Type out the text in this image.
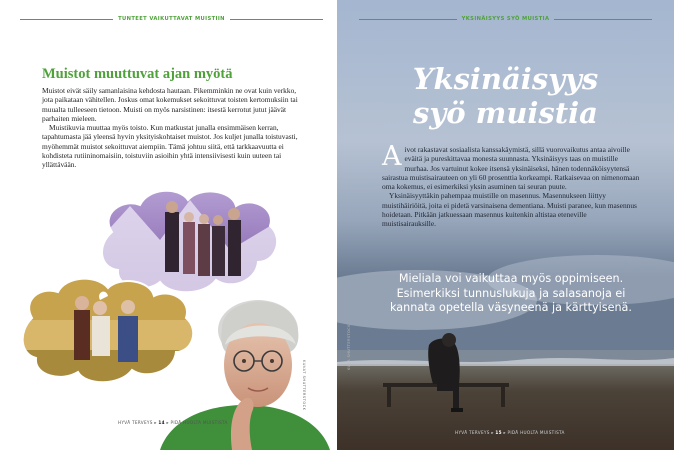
TUNTEET VAIKUTTAVAT MUISTIIN
Muistot muuttuvat ajan myötä

Muistot eivät säily samanlaisina kehdosta hautaan. Pikemminkin ne ovat kuin verkko, jota paikataan vähitellen. Joskus omat kokemukset sekoittuvat toisten kertomuksiin tai muualta tulleeseen tietoon. Muisti on myös narsistinen: itsestä kerrotut jutut jäävät parhaiten mieleen.

Muistikuvia muuttaa myös toisto. Kun matkustat junalla ensimmäisen kerran, tapahtumasta jää yleensä hyvin yksityiskohtaiset muistot. Jos kuljet junalla toistuvasti, myöhemmät muistot sekoittuvat aiempiin. Tämä johtuu siitä, että tarkkaavuutta ei kohdisteta rutiininomaisiin, toistuviin asioihin yhtä intensiivisesti kuin uuteen tai yllättävään.

KUVAT SHUTTERSTOCK
HYVÄ TERVEYS ▸ 14 ▸ PIDÄ HUOLTA MUISTISTA
YKSINÄISYYS SYÖ MUISTIA
Yksinäisyys
syö muistia

Aivot rakastavat sosiaalista kanssakäymistä, sillä vuorovaikutus antaa aivoille eväitä ja pureskittavaa monesta suunnasta. Yksinäisyys taas on muistille murhaa. Jos vartuinut kokee itsensä yksinäiseksi, hänen todennäköisyytensä sairastua muistisairauteen on yli 60 prosenttia korkeampi. Ratkaisevaa on nimenomaan oma kokemus, ei esimerkiksi yksin asuminen tai seuran puute.

Yksinäisyyttäkin pahempaa muistille on masennus. Masennukseen liittyy muistihäiriöitä, joita ei pidetä varsinaisena dementiana. Muisti paranee, kun masennus hoidetaan. Pitkään jatkuessaan masennus kuitenkin altistaa eteneville muistisairauksille.

Mieliala voi vaikuttaa myös oppimiseen. Esimerkiksi tunnuslukuja ja salasanoja ei kannata opetella väsyneenä ja kärttyisenä.
KUVA SHUTTERSTOCK
HYVÄ TERVEYS ▸ 15 ▸ PIDÄ HUOLTA MUISTISTA
